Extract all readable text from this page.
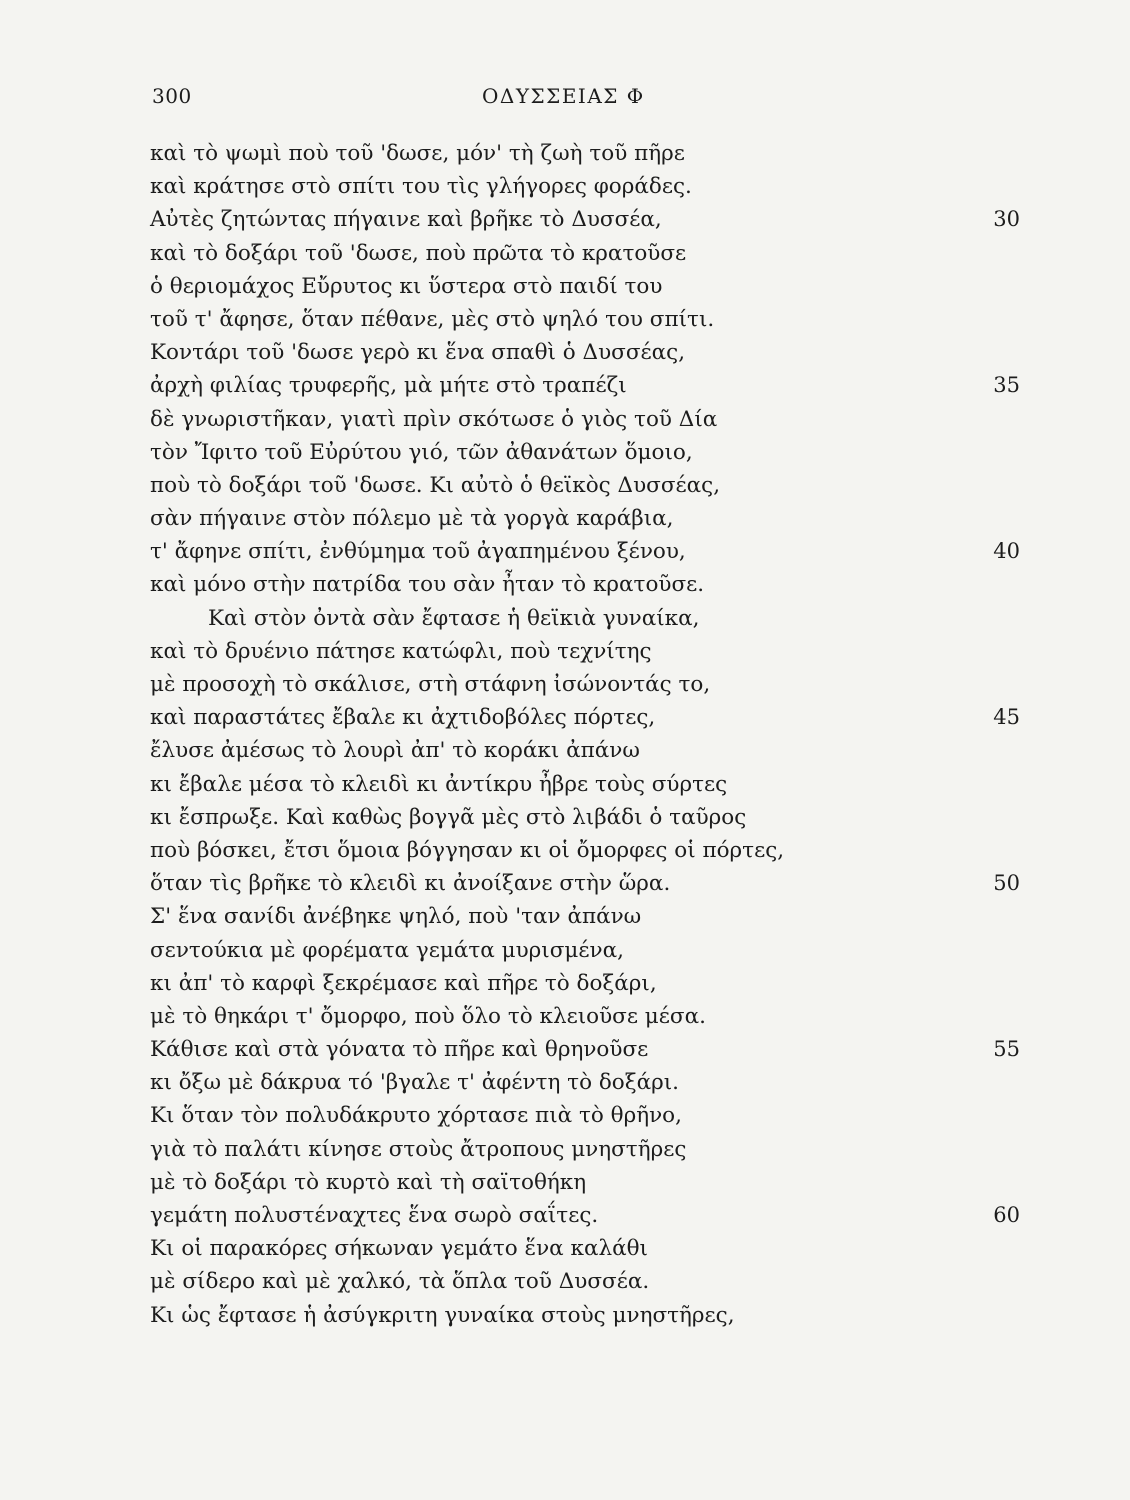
300	ΟΔΥΣΣΕΙΑΣ Φ
καὶ τὸ ψωμὶ ποὺ τοῦ 'δωσε, μόν' τὴ ζωὴ τοῦ πῆρε
καὶ κράτησε στὸ σπίτι του τὶς γλήγορες φοράδες.
Αὐτὲς ζητώντας πήγαινε καὶ βρῆκε τὸ Δυσσέα,	30
καὶ τὸ δοξάρι τοῦ 'δωσε, ποὺ πρῶτα τὸ κρατοῦσε
ὁ θεριομάχος Εὔρυτος κι ὕστερα στὸ παιδί του
τοῦ τ' ἄφησε, ὅταν πέθανε, μὲς στὸ ψηλό του σπίτι.
Κοντάρι τοῦ 'δωσε γερὸ κι ἕνα σπαθὶ ὁ Δυσσέας,
ἀρχὴ φιλίας τρυφερῆς, μὰ μήτε στὸ τραπέζι	35
δὲ γνωριστῆκαν, γιατὶ πρὶν σκότωσε ὁ γιὸς τοῦ Δία
τὸν Ἴφιτο τοῦ Εὐρύτου γιό, τῶν ἀθανάτων ὅμοιο,
ποὺ τὸ δοξάρι τοῦ 'δωσε. Κι αὐτὸ ὁ θεϊκὸς Δυσσέας,
σὰν πήγαινε στὸν πόλεμο μὲ τὰ γοργὰ καράβια,
τ' ἄφηνε σπίτι, ἐνθύμημα τοῦ ἀγαπημένου ξένου,	40
καὶ μόνο στὴν πατρίδα του σὰν ἦταν τὸ κρατοῦσε.
Καὶ στὸν ὀντὰ σὰν ἔφτασε ἡ θεϊκιὰ γυναίκα,
καὶ τὸ δρυένιο πάτησε κατώφλι, ποὺ τεχνίτης
μὲ προσοχὴ τὸ σκάλισε, στὴ στάφνη ἰσώνοντάς το,
καὶ παραστάτες ἔβαλε κι ἀχτιδοβόλες πόρτες,	45
ἔλυσε ἀμέσως τὸ λουρὶ ἀπ' τὸ κοράκι ἀπάνω
κι ἔβαλε μέσα τὸ κλειδὶ κι ἀντίκρυ ἦβρε τοὺς σύρτες
κι ἔσπρωξε. Καὶ καθὼς βογγᾶ μὲς στὸ λιβάδι ὁ ταῦρος
ποὺ βόσκει, ἔτσι ὅμοια βόγγησαν κι οἱ ὄμορφες οἱ πόρτες,
ὅταν τὶς βρῆκε τὸ κλειδὶ κι ἀνοίξανε στὴν ὥρα.	50
Σ' ἕνα σανίδι ἀνέβηκε ψηλό, ποὺ 'ταν ἀπάνω
σεντούκια μὲ φορέματα γεμάτα μυρισμένα,
κι ἀπ' τὸ καρφὶ ξεκρέμασε καὶ πῆρε τὸ δοξάρι,
μὲ τὸ θηκάρι τ' ὄμορφο, ποὺ ὅλο τὸ κλειοῦσε μέσα.
Κάθισε καὶ στὰ γόνατα τὸ πῆρε καὶ θρηνοῦσε	55
κι ὄξω μὲ δάκρυα τό 'βγαλε τ' ἀφέντη τὸ δοξάρι.
Κι ὅταν τὸν πολυδάκρυτο χόρτασε πιὰ τὸ θρῆνο,
γιὰ τὸ παλάτι κίνησε στοὺς ἄτροπους μνηστῆρες
μὲ τὸ δοξάρι τὸ κυρτὸ καὶ τὴ σαϊτοθήκη
γεμάτη πολυστέναχτες ἕνα σωρὸ σαΐτες.	60
Κι οἱ παρακόρες σήκωναν γεμάτο ἕνα καλάθι
μὲ σίδερο καὶ μὲ χαλκό, τὰ ὅπλα τοῦ Δυσσέα.
Κι ὡς ἔφτασε ἡ ἀσύγκριτη γυναίκα στοὺς μνηστῆρες,
